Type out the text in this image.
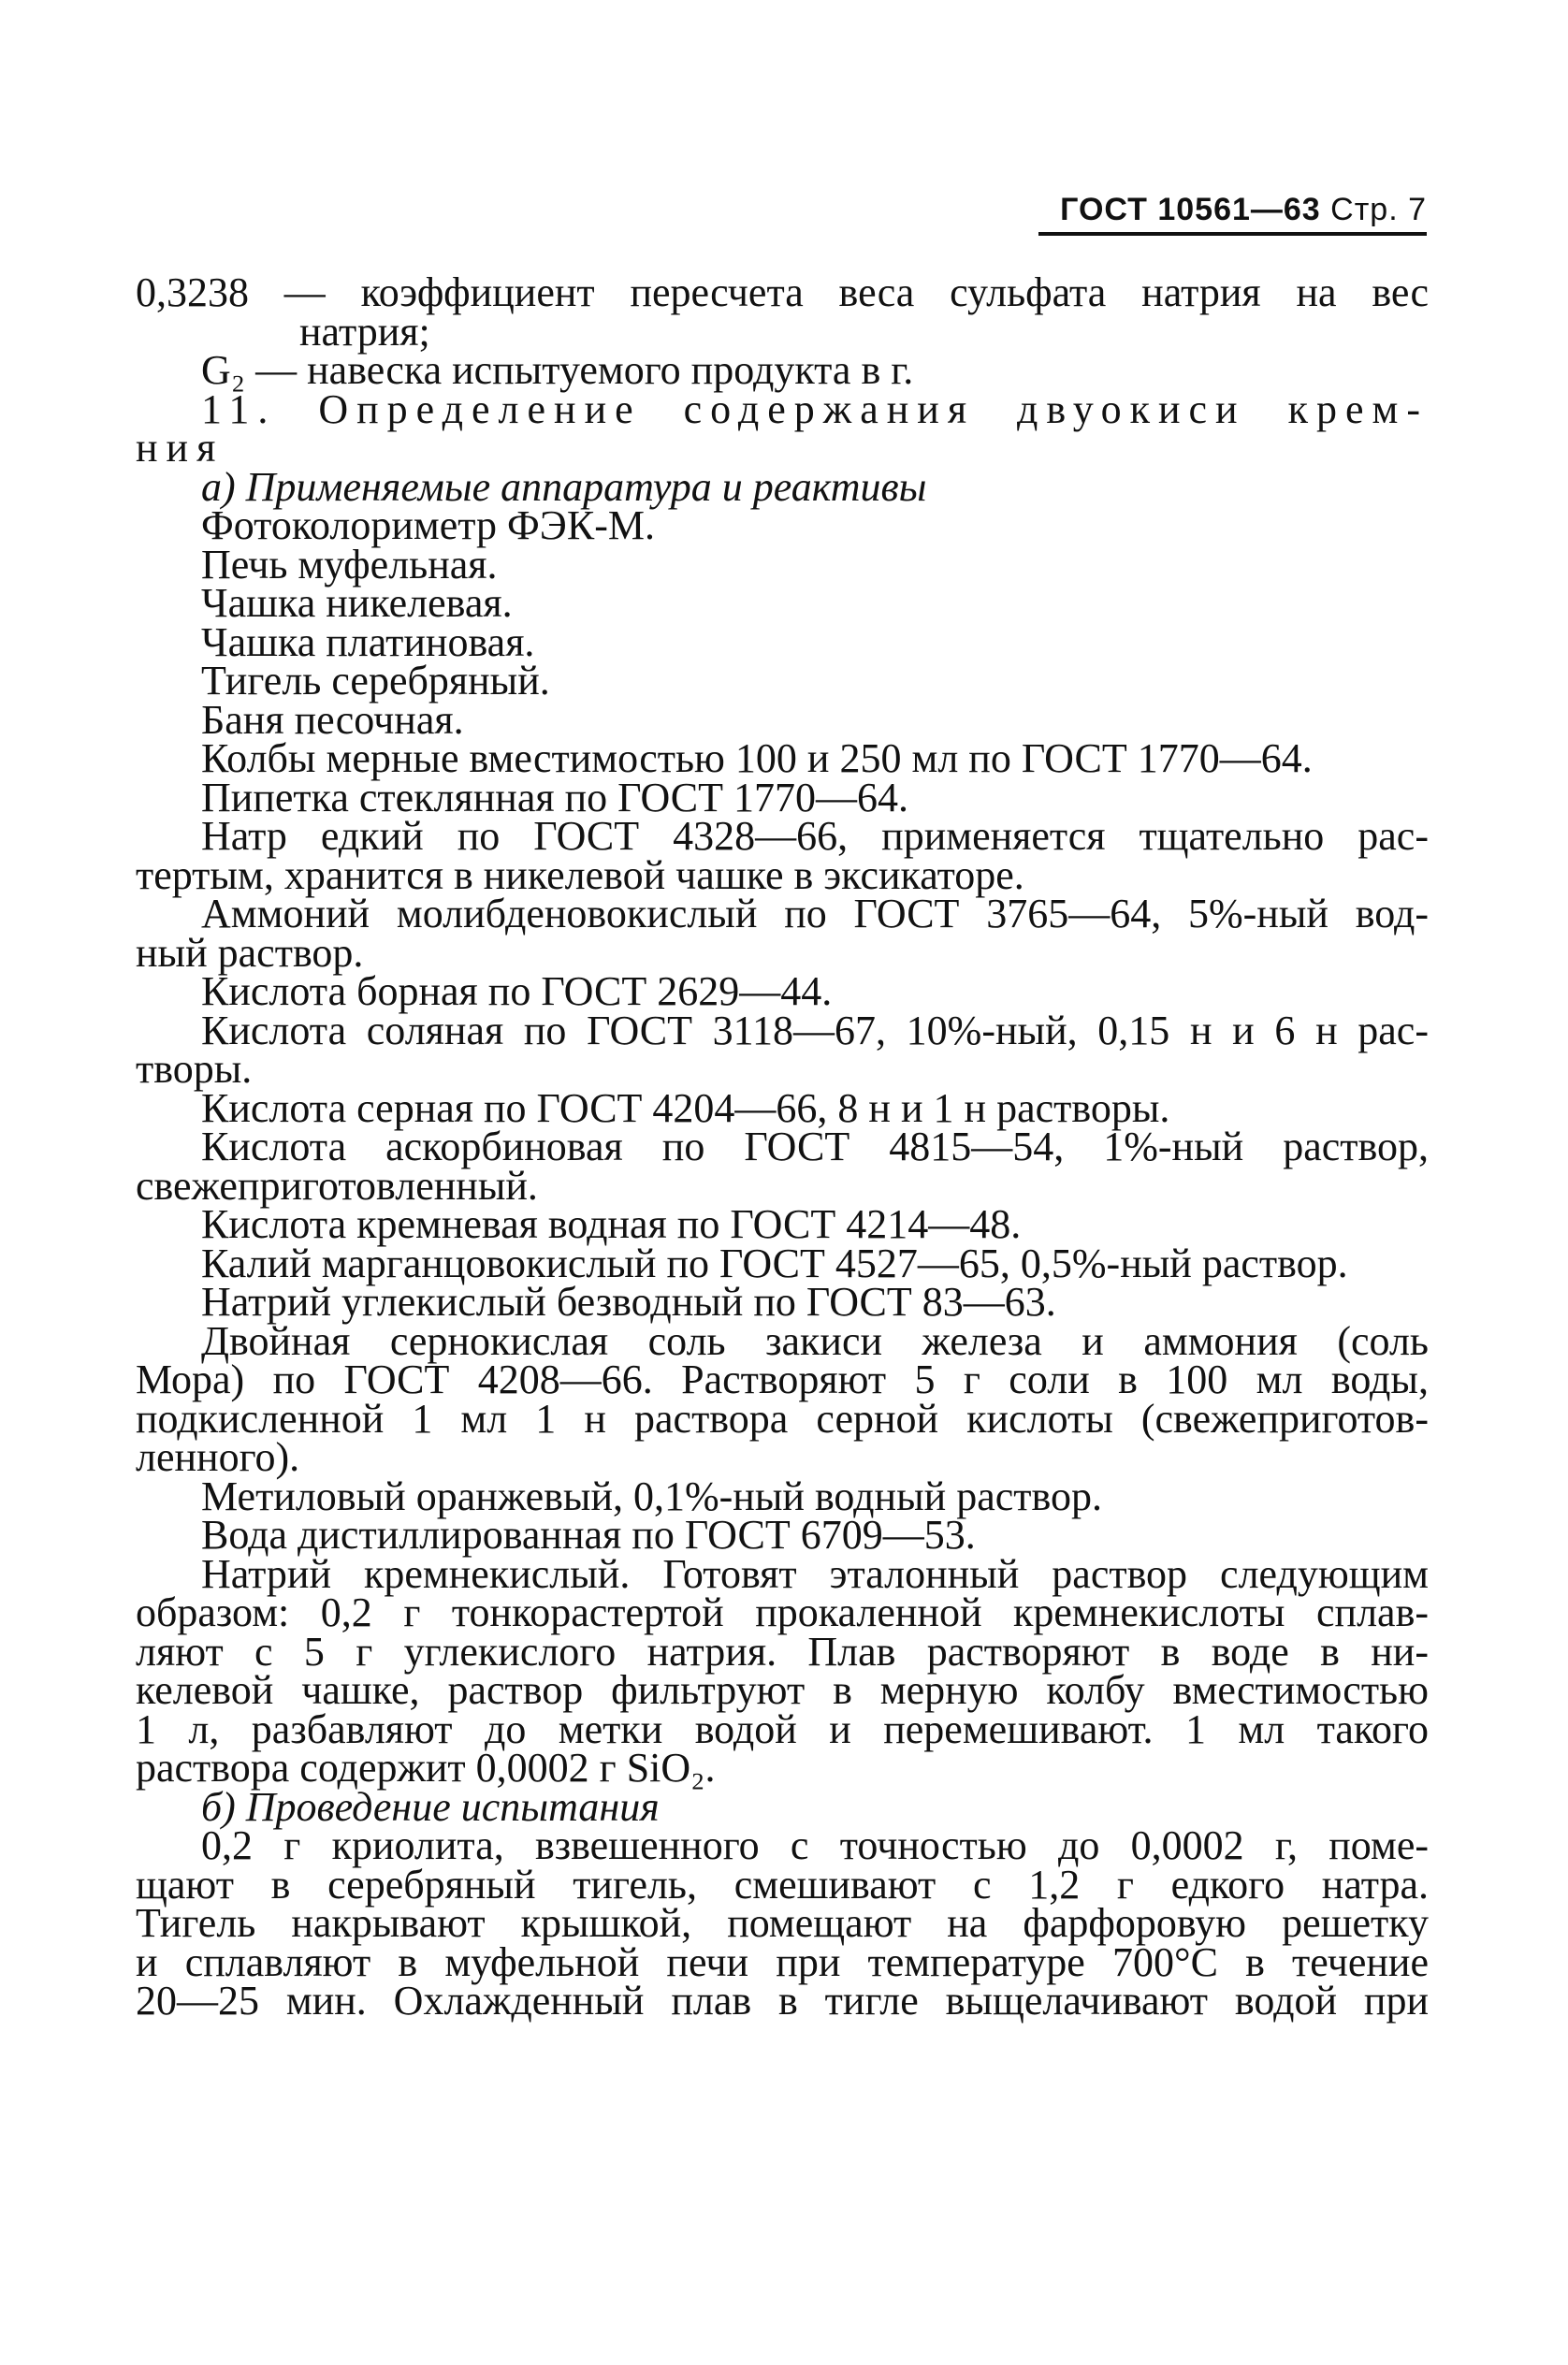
ГОСТ 10561—63 Стр. 7
0,3238 — коэффициент пересчета веса сульфата натрия на вес
натрия;
G₂ — навеска испытуемого продукта в г.
11. Определение содержания двуокиси крем-
ния
а) Применяемые аппаратура и реактивы
Фотоколориметр ФЭК-М.
Печь муфельная.
Чашка никелевая.
Чашка платиновая.
Тигель серебряный.
Баня песочная.
Колбы мерные вместимостью 100 и 250 мл по ГОСТ 1770—64.
Пипетка стеклянная по ГОСТ 1770—64.
Натр едкий по ГОСТ 4328—66, применяется тщательно рас-
тертым, хранится в никелевой чашке в эксикаторе.
Аммоний молибденовокислый по ГОСТ 3765—64, 5%-ный вод-
ный раствор.
Кислота борная по ГОСТ 2629—44.
Кислота соляная по ГОСТ 3118—67, 10%-ный, 0,15 н и 6 н рас-
творы.
Кислота серная по ГОСТ 4204—66, 8 н и 1 н растворы.
Кислота аскорбиновая по ГОСТ 4815—54, 1%-ный раствор,
свежеприготовленный.
Кислота кремневая водная по ГОСТ 4214—48.
Калий марганцовокислый по ГОСТ 4527—65, 0,5%-ный раствор.
Натрий углекислый безводный по ГОСТ 83—63.
Двойная сернокислая соль закиси железа и аммония (соль
Мора) по ГОСТ 4208—66. Растворяют 5 г соли в 100 мл воды,
подкисленной 1 мл 1 н раствора серной кислоты (свежеприготов-
ленного).
Метиловый оранжевый, 0,1%-ный водный раствор.
Вода дистиллированная по ГОСТ 6709—53.
Натрий кремнекислый. Готовят эталонный раствор следующим
образом: 0,2 г тонкорастертой прокаленной кремнекислоты сплав-
ляют с 5 г углекислого натрия. Плав растворяют в воде в ни-
келевой чашке, раствор фильтруют в мерную колбу вместимостью
1 л, разбавляют до метки водой и перемешивают. 1 мл такого
раствора содержит 0,0002 г SiO₂.
б) Проведение испытания
0,2 г криолита, взвешенного с точностью до 0,0002 г, поме-
щают в серебряный тигель, смешивают с 1,2 г едкого натра.
Тигель накрывают крышкой, помещают на фарфоровую решетку
и сплавляют в муфельной печи при температуре 700°C в течение
20—25 мин. Охлажденный плав в тигле выщелачивают водой при
